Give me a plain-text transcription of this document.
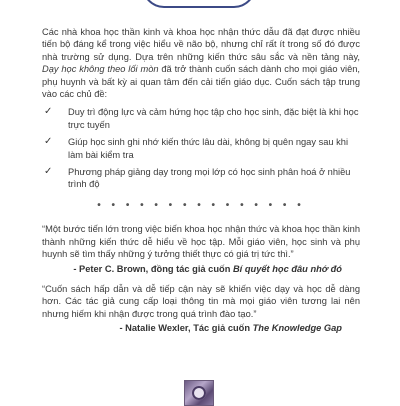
Các nhà khoa học thần kinh và khoa học nhận thức dẫu đã đạt được nhiều tiến bộ đáng kể trong việc hiểu về não bộ, nhưng chỉ rất ít trong số đó được nhà trường sử dụng. Dựa trên những kiến thức sâu sắc và nền tảng này, Dạy học không theo lối mòn đã trở thành cuốn sách dành cho mọi giáo viên, phụ huynh và bất kỳ ai quan tâm đến cải tiến giáo dục. Cuốn sách tập trung vào các chủ đề:

✓	Duy trì động lực và cảm hứng học tập cho học sinh, đặc biệt là khi học trực tuyến
✓	Giúp học sinh ghi nhớ kiến thức lâu dài, không bị quên ngay sau khi làm bài kiểm tra
✓	Phương pháp giảng dạy trong mọi lớp có học sinh phân hoá ở nhiều trình độ
• • • • • • • • • • • • • • •

“Một bước tiến lớn trong việc biến khoa học nhận thức và khoa học thần kinh thành những kiến thức dễ hiểu về học tập. Mỗi giáo viên, học sinh và phụ huynh sẽ tìm thấy những ý tưởng thiết thực có giá trị tức thì.”

- Peter C. Brown, đồng tác giả cuốn Bí quyết học đâu nhớ đó

“Cuốn sách hấp dẫn và dễ tiếp cận này sẽ khiến việc dạy và học dễ dàng hơn. Các tác giả cung cấp loại thông tin mà mọi giáo viên tương lai nên nhưng hiếm khi nhận được trong quá trình đào tạo.”

- Natalie Wexler, Tác giả cuốn The Knowledge Gap
